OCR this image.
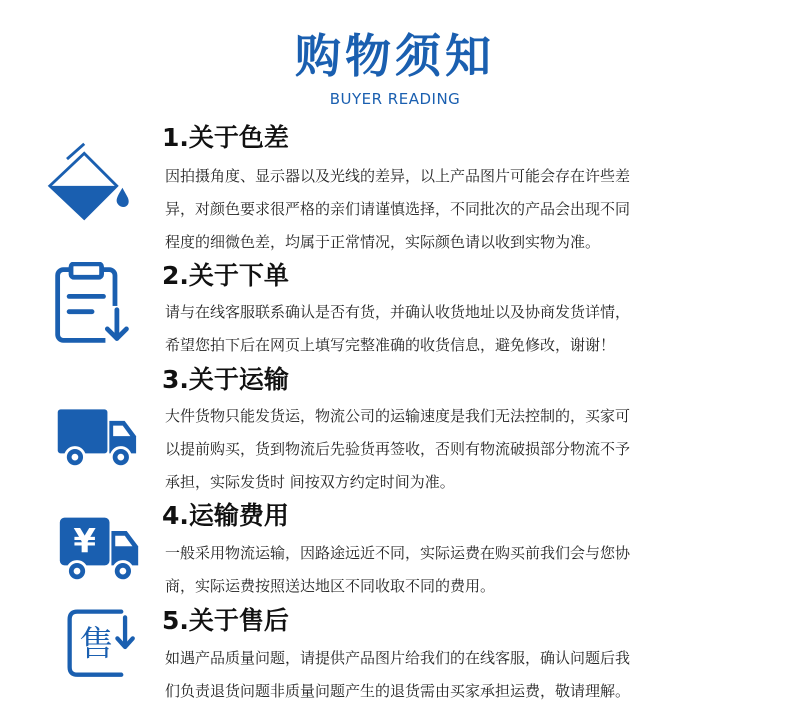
购物须知
BUYER READING
1.关于色差
因拍摄角度、显示器以及光线的差异，以上产品图片可能会存在许些差
异，对颜色要求很严格的亲们请谨慎选择，不同批次的产品会出现不同
程度的细微色差，均属于正常情况，实际颜色请以收到实物为准。
2.关于下单
请与在线客服联系确认是否有货，并确认收货地址以及协商发货详情，
希望您拍下后在网页上填写完整准确的收货信息，避免修改，谢谢！
3.关于运输
大件货物只能发货运，物流公司的运输速度是我们无法控制的，买家可
以提前购买，货到物流后先验货再签收，否则有物流破损部分物流不予
承担，实际发货时 间按双方约定时间为准。
¥
4.运输费用
一般采用物流运输，因路途远近不同，实际运费在购买前我们会与您协
商，实际运费按照送达地区不同收取不同的费用。
售
5.关于售后
如遇产品质量问题，请提供产品图片给我们的在线客服，确认问题后我
们负责退货问题非质量问题产生的退货需由买家承担运费，敬请理解。
